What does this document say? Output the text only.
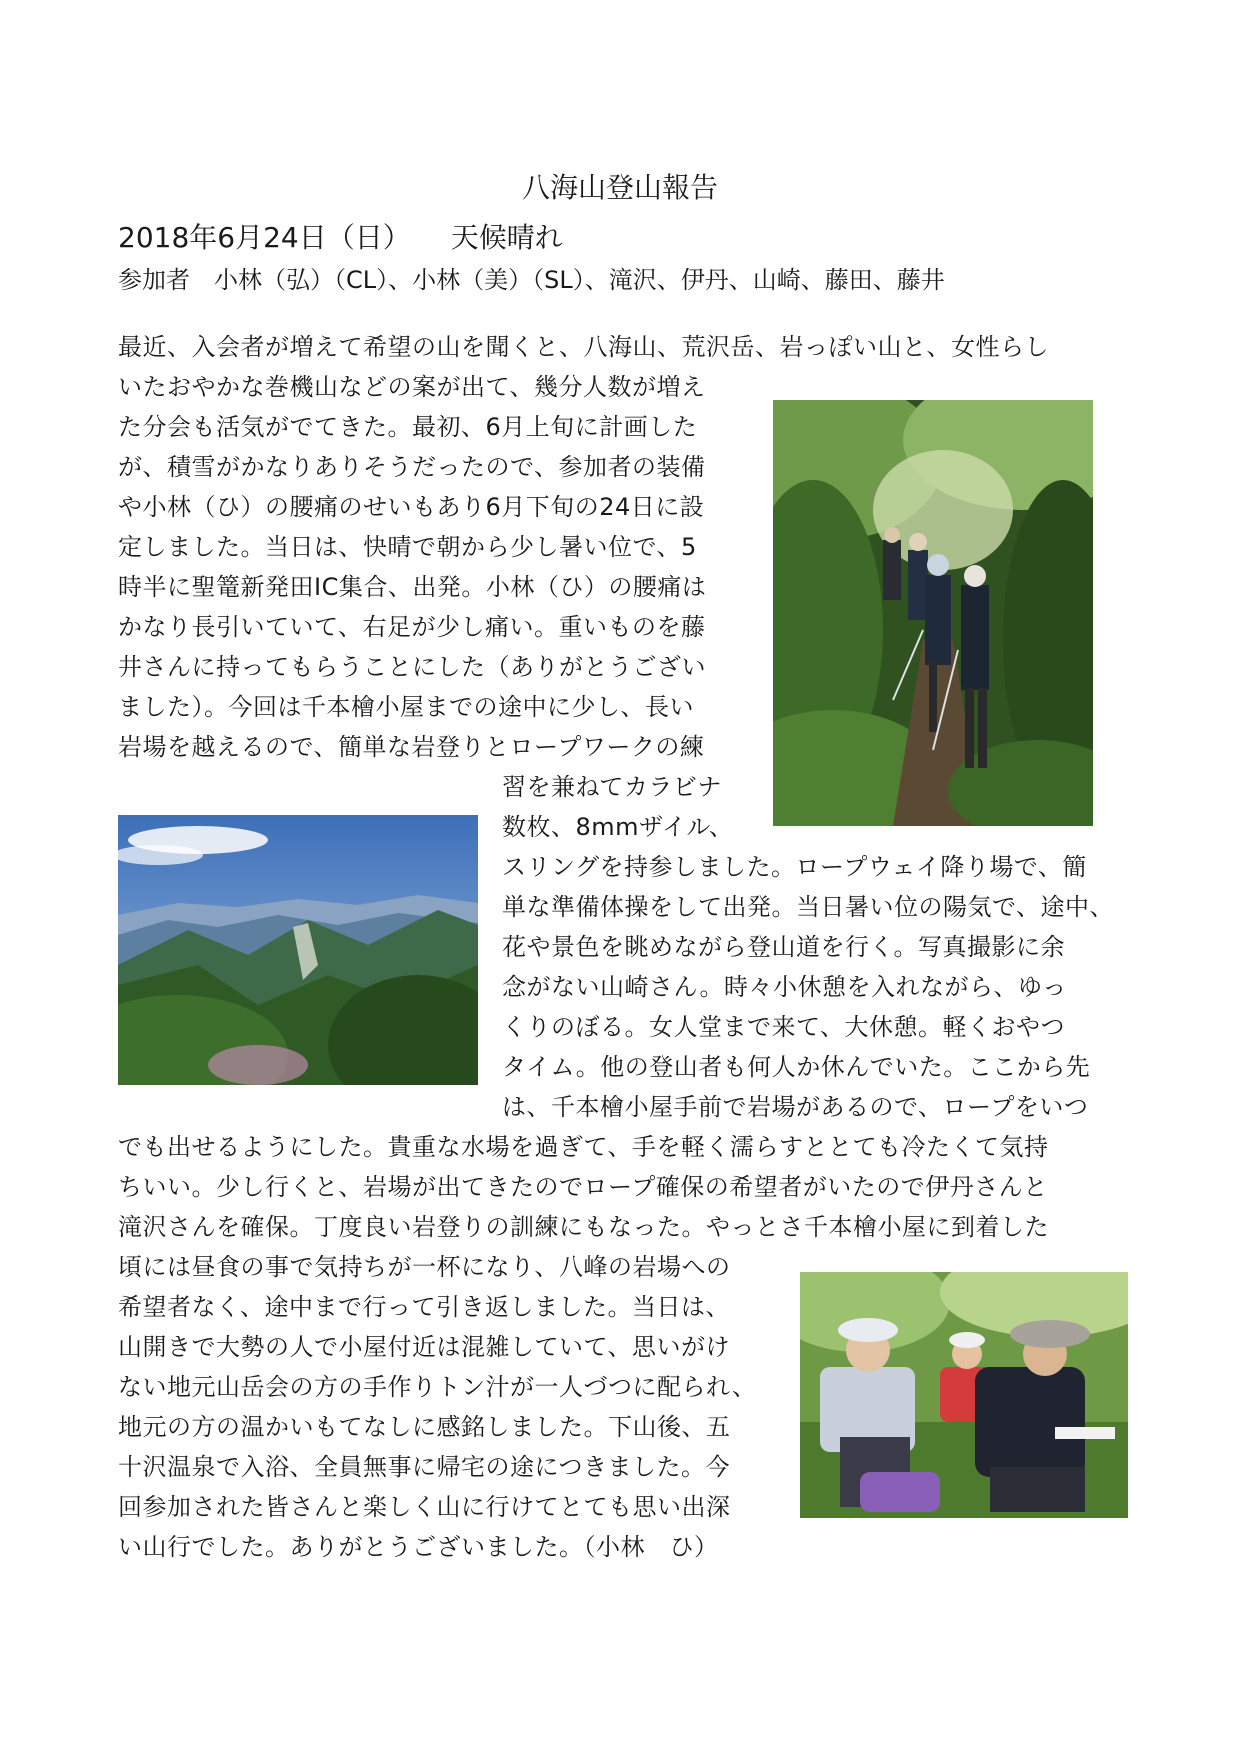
八海山登山報告
2018年6月24日（日） 天候晴れ
参加者　小林（弘）（CL）、小林（美）（SL）、滝沢、伊丹、山崎、藤田、藤井
最近、入会者が増えて希望の山を聞くと、八海山、荒沢岳、岩っぽい山と、女性らし
いたおやかな巻機山などの案が出て、幾分人数が増え
た分会も活気がでてきた。最初、6月上旬に計画した
が、積雪がかなりありそうだったので、参加者の装備
や小林（ひ）の腰痛のせいもあり6月下旬の24日に設
定しました。当日は、快晴で朝から少し暑い位で、5
時半に聖篭新発田IC集合、出発。小林（ひ）の腰痛は
かなり長引いていて、右足が少し痛い。重いものを藤
井さんに持ってもらうことにした（ありがとうござい
ました）。今回は千本檜小屋までの途中に少し、長い
岩場を越えるので、簡単な岩登りとロープワークの練
習を兼ねてカラビナ
数枚、8mmザイル、
スリングを持参しました。ロープウェイ降り場で、簡
単な準備体操をして出発。当日暑い位の陽気で、途中、
花や景色を眺めながら登山道を行く。写真撮影に余
念がない山崎さん。時々小休憩を入れながら、ゆっ
くりのぼる。女人堂まで来て、大休憩。軽くおやつ
タイム。他の登山者も何人か休んでいた。ここから先
は、千本檜小屋手前で岩場があるので、ロープをいつ
でも出せるようにした。貴重な水場を過ぎて、手を軽く濡らすととても冷たくて気持
ちいい。少し行くと、岩場が出てきたのでロープ確保の希望者がいたので伊丹さんと
滝沢さんを確保。丁度良い岩登りの訓練にもなった。やっとさ千本檜小屋に到着した
頃には昼食の事で気持ちが一杯になり、八峰の岩場への
希望者なく、途中まで行って引き返しました。当日は、
山開きで大勢の人で小屋付近は混雑していて、思いがけ
ない地元山岳会の方の手作りトン汁が一人づつに配られ、
地元の方の温かいもてなしに感銘しました。下山後、五
十沢温泉で入浴、全員無事に帰宅の途につきました。今
回参加された皆さんと楽しく山に行けてとても思い出深
い山行でした。ありがとうございました。（小林　ひ）
